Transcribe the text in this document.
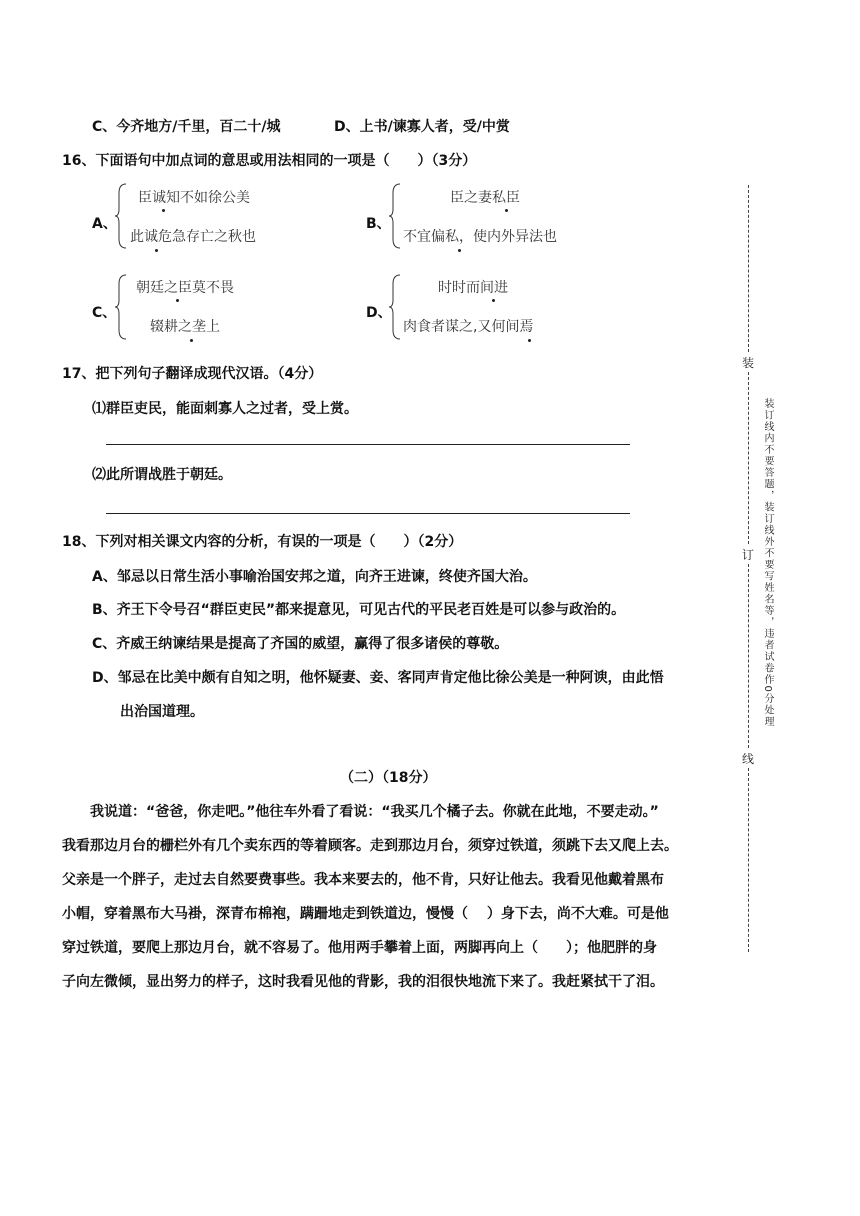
C、今齐地方/千里，百二十/城	D、上书/谏寡人者，受/中赏
16、下面语句中加点词的意思或用法相同的一项是（　　）（3分）
A、
臣诚知不如徐公美
此诚危急存亡之秋也
B、
臣之妻私臣
不宜偏私，使内外异法也
C、
朝廷之臣莫不畏
辍耕之垄上
D、
时时而间进
肉食者谋之,又何间焉
17、把下列句子翻译成现代汉语。（4分）
⑴群臣吏民，能面刺寡人之过者，受上赏。
⑵此所谓战胜于朝廷。
18、下列对相关课文内容的分析，有误的一项是（　　）（2分）
A、邹忌以日常生活小事喻治国安邦之道，向齐王进谏，终使齐国大治。
B、齐王下令号召“群臣吏民”都来提意见，可见古代的平民老百姓是可以参与政治的。
C、齐威王纳谏结果是提高了齐国的威望，赢得了很多诸侯的尊敬。
D、邹忌在比美中颇有自知之明，他怀疑妻、妾、客同声肯定他比徐公美是一种阿谀，由此悟
出治国道理。
（二）（18分）
我说道：“爸爸，你走吧。”他往车外看了看说：“我买几个橘子去。你就在此地，不要走动。”
我看那边月台的栅栏外有几个卖东西的等着顾客。走到那边月台，须穿过铁道，须跳下去又爬上去。
父亲是一个胖子，走过去自然要费事些。我本来要去的，他不肯，只好让他去。我看见他戴着黑布
小帽，穿着黑布大马褂，深青布棉袍，蹒跚地走到铁道边，慢慢（　 ）身下去，尚不大难。可是他
穿过铁道，要爬上那边月台，就不容易了。他用两手攀着上面，两脚再向上（　　）；他肥胖的身
子向左微倾，显出努力的样子，这时我看见他的背影，我的泪很快地流下来了。我赶紧拭干了泪。
装
订
线
装订线内不要答题，装订线外不要写姓名等，违者试卷作0分处理
